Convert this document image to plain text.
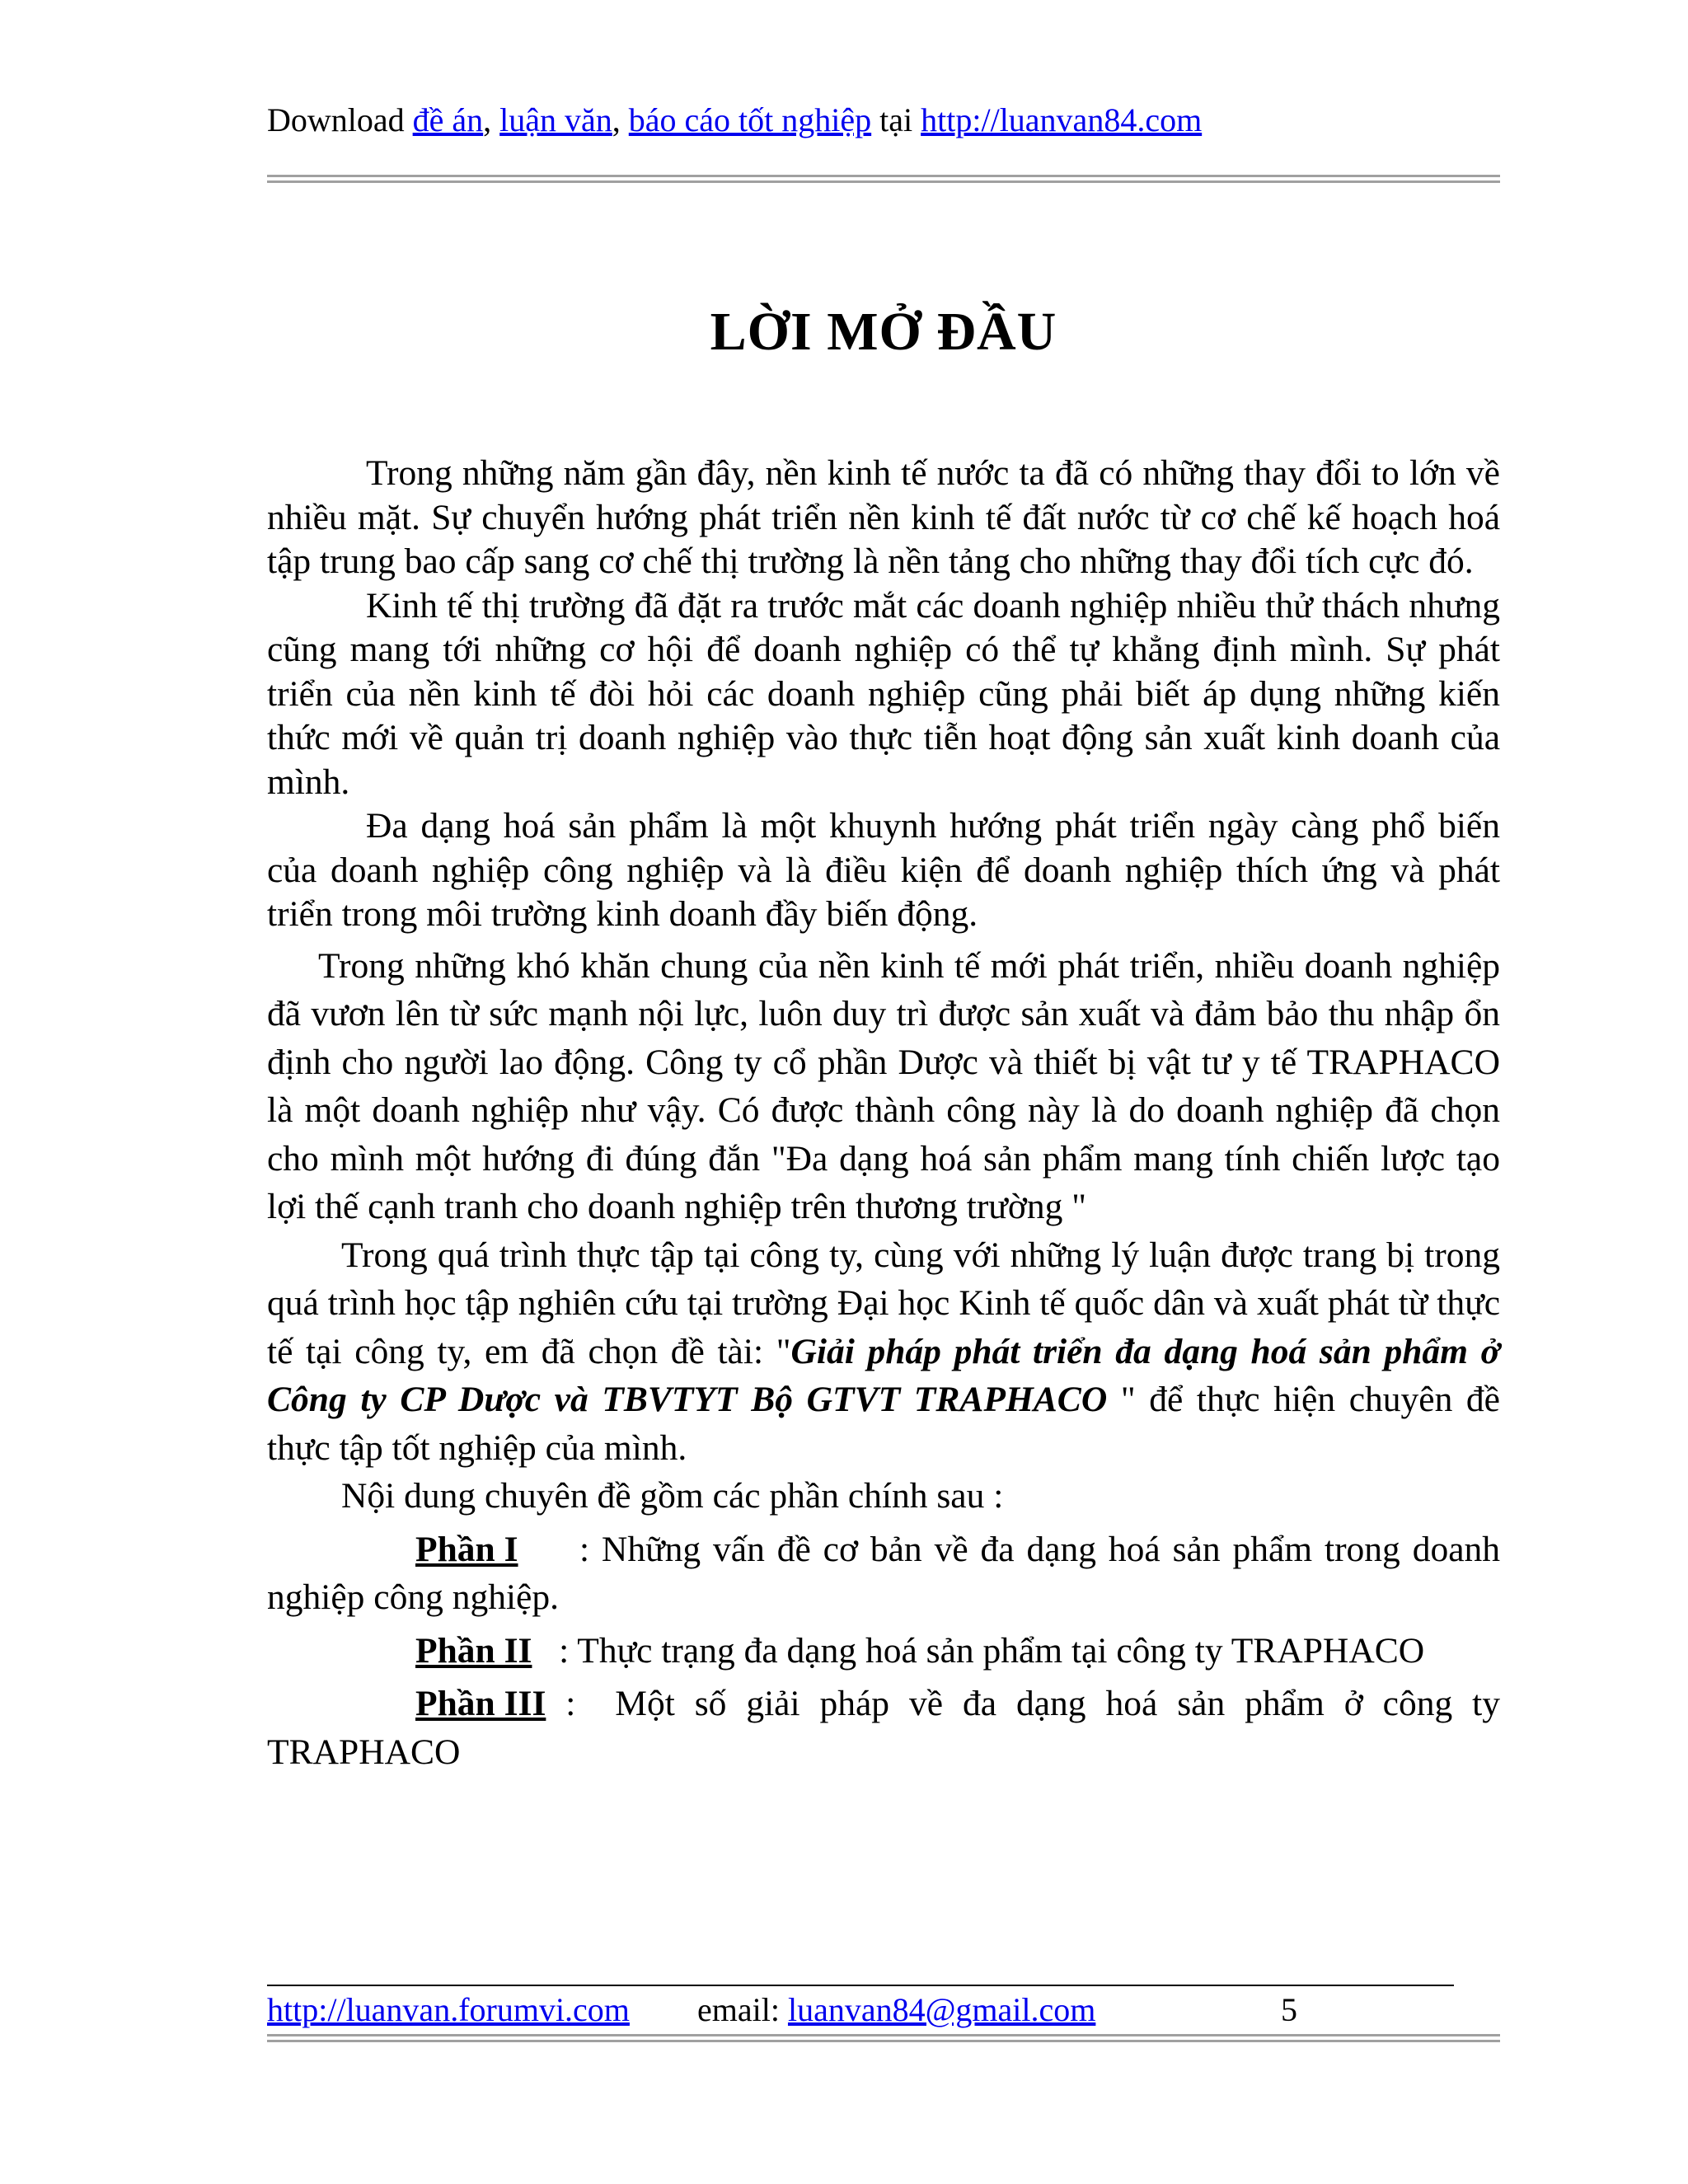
Download đề án, luận văn, báo cáo tốt nghiệp tại http://luanvan84.com
LỜI MỞ ĐẦU

Trong những năm gần đây, nền kinh tế nước ta đã có những thay đổi to lớn về nhiều mặt. Sự chuyển hướng phát triển nền kinh tế đất nước từ cơ chế kế hoạch hoá tập trung bao cấp sang cơ chế thị trường là nền tảng cho những thay đổi tích cực đó.

Kinh tế thị trường đã đặt ra trước mắt các doanh nghiệp nhiều thử thách nhưng cũng mang tới những cơ hội để doanh nghiệp có thể tự khẳng định mình. Sự phát triển của nền kinh tế đòi hỏi các doanh nghiệp cũng phải biết áp dụng những kiến thức mới về quản trị doanh nghiệp vào thực tiễn hoạt động sản xuất kinh doanh của mình.

Đa dạng hoá sản phẩm là một khuynh hướng phát triển ngày càng phổ biến của doanh nghiệp công nghiệp và là điều kiện để doanh nghiệp thích ứng và phát triển trong môi trường kinh doanh đầy biến động.

Trong những khó khăn chung của nền kinh tế mới phát triển, nhiều doanh nghiệp đã vươn lên từ sức mạnh nội lực, luôn duy trì được sản xuất và đảm bảo thu nhập ổn định cho người lao động. Công ty cổ phần Dược và thiết bị vật tư y tế TRAPHACO là một doanh nghiệp như vậy. Có được thành công này là do doanh nghiệp đã chọn cho mình một hướng đi đúng đắn "Đa dạng hoá sản phẩm mang tính chiến lược tạo lợi thế cạnh tranh cho doanh nghiệp trên thương trường "

Trong quá trình thực tập tại công ty, cùng với những lý luận được trang bị trong quá trình học tập nghiên cứu tại trường Đại học Kinh tế quốc dân và xuất phát từ thực tế tại công ty, em đã chọn đề tài: "Giải pháp phát triển đa dạng hoá sản phẩm ở Công ty CP Dược và TBVTYT Bộ GTVT TRAPHACO " để thực hiện chuyên đề thực tập tốt nghiệp của mình.

Nội dung chuyên đề gồm các phần chính sau :

Phần I     : Những vấn đề cơ bản về đa dạng hoá sản phẩm trong doanh nghiệp công nghiệp.

Phần II   : Thực trạng đa dạng hoá sản phẩm tại công ty TRAPHACO

Phần III :  Một số giải pháp về đa dạng hoá sản phẩm ở công ty TRAPHACO

http://luanvan.forumvi.com email: luanvan84@gmail.com	5
